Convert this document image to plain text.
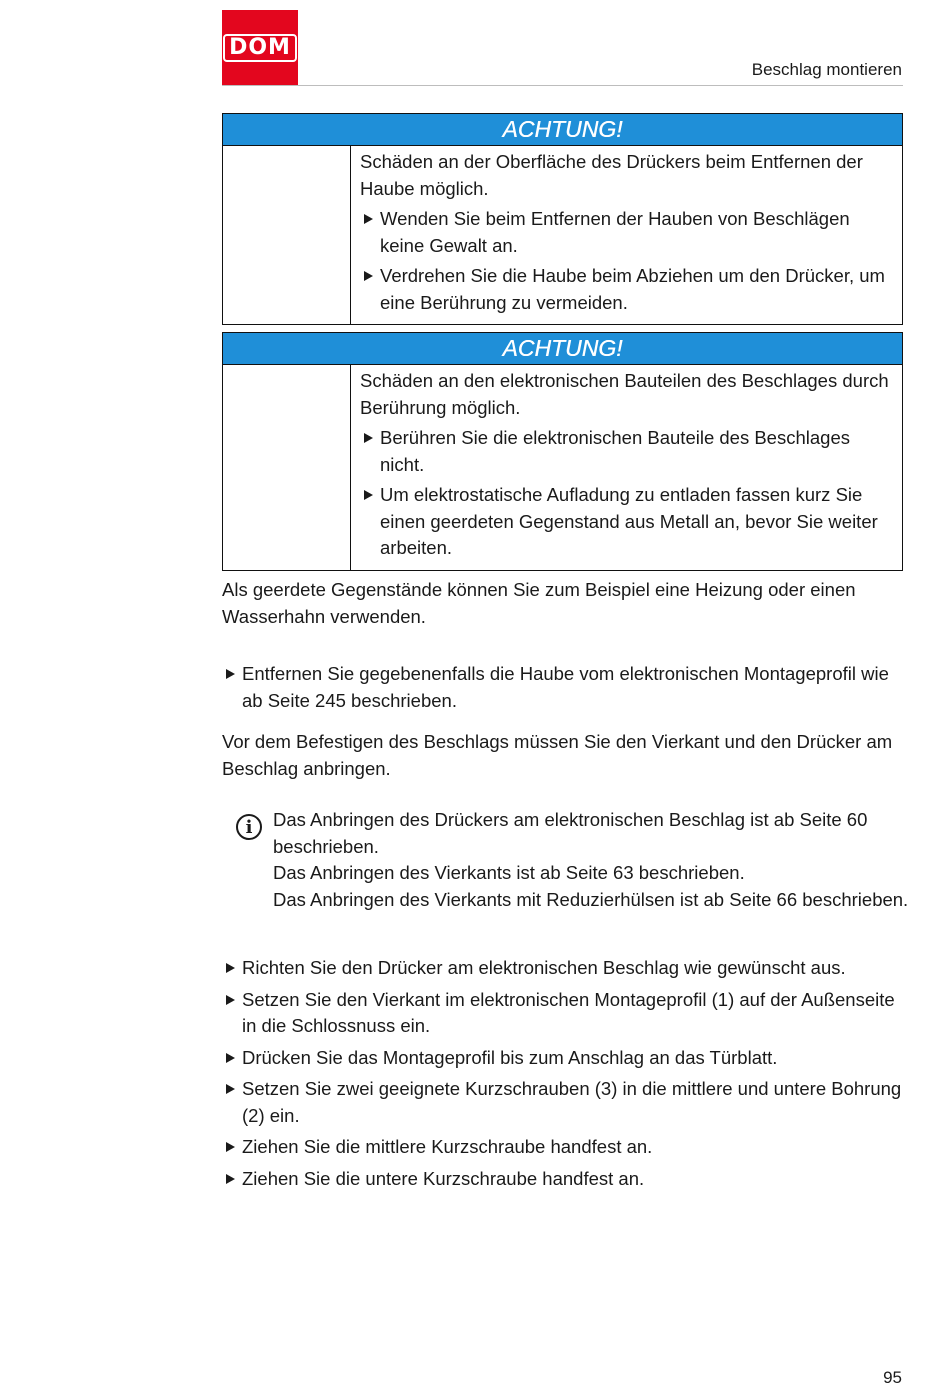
DOM
Beschlag montieren
ACHTUNG!

Schäden an der Oberfläche des Drückers beim Entfernen der Haube möglich.

Wenden Sie beim Entfernen der Hauben von Beschlägen keine Gewalt an.
Verdrehen Sie die Haube beim Abziehen um den Drücker, um eine Berührung zu vermeiden.
ACHTUNG!

Schäden an den elektronischen Bauteilen des Beschlages durch Berührung möglich.

Berühren Sie die elektronischen Bauteile des Beschlages nicht.
Um elektrostatische Aufladung zu entladen fassen kurz Sie einen geerdeten Gegenstand aus Metall an, bevor Sie weiter arbeiten.

Als geerdete Gegenstände können Sie zum Beispiel eine Heizung oder einen Wasserhahn verwenden.

Entfernen Sie gegebenenfalls die Haube vom elektronischen Montageprofil wie ab Seite 245 beschrieben.

Vor dem Befestigen des Beschlags müssen Sie den Vierkant und den Drücker am Beschlag anbringen.

i	Das Anbringen des Drückers am elektronischen Beschlag ist ab Seite 60 beschrieben.

Das Anbringen des Vierkants ist ab Seite 63 beschrieben.

Das Anbringen des Vierkants mit Reduzierhülsen ist ab Seite 66 beschrieben.

Richten Sie den Drücker am elektronischen Beschlag wie gewünscht aus.
Setzen Sie den Vierkant im elektronischen Montageprofil (1) auf der Außenseite in die Schlossnuss ein.
Drücken Sie das Montageprofil bis zum Anschlag an das Türblatt.
Setzen Sie zwei geeignete Kurzschrauben (3) in die mittlere und untere Bohrung (2) ein.
Ziehen Sie die mittlere Kurzschraube handfest an.
Ziehen Sie die untere Kurzschraube handfest an.
95
